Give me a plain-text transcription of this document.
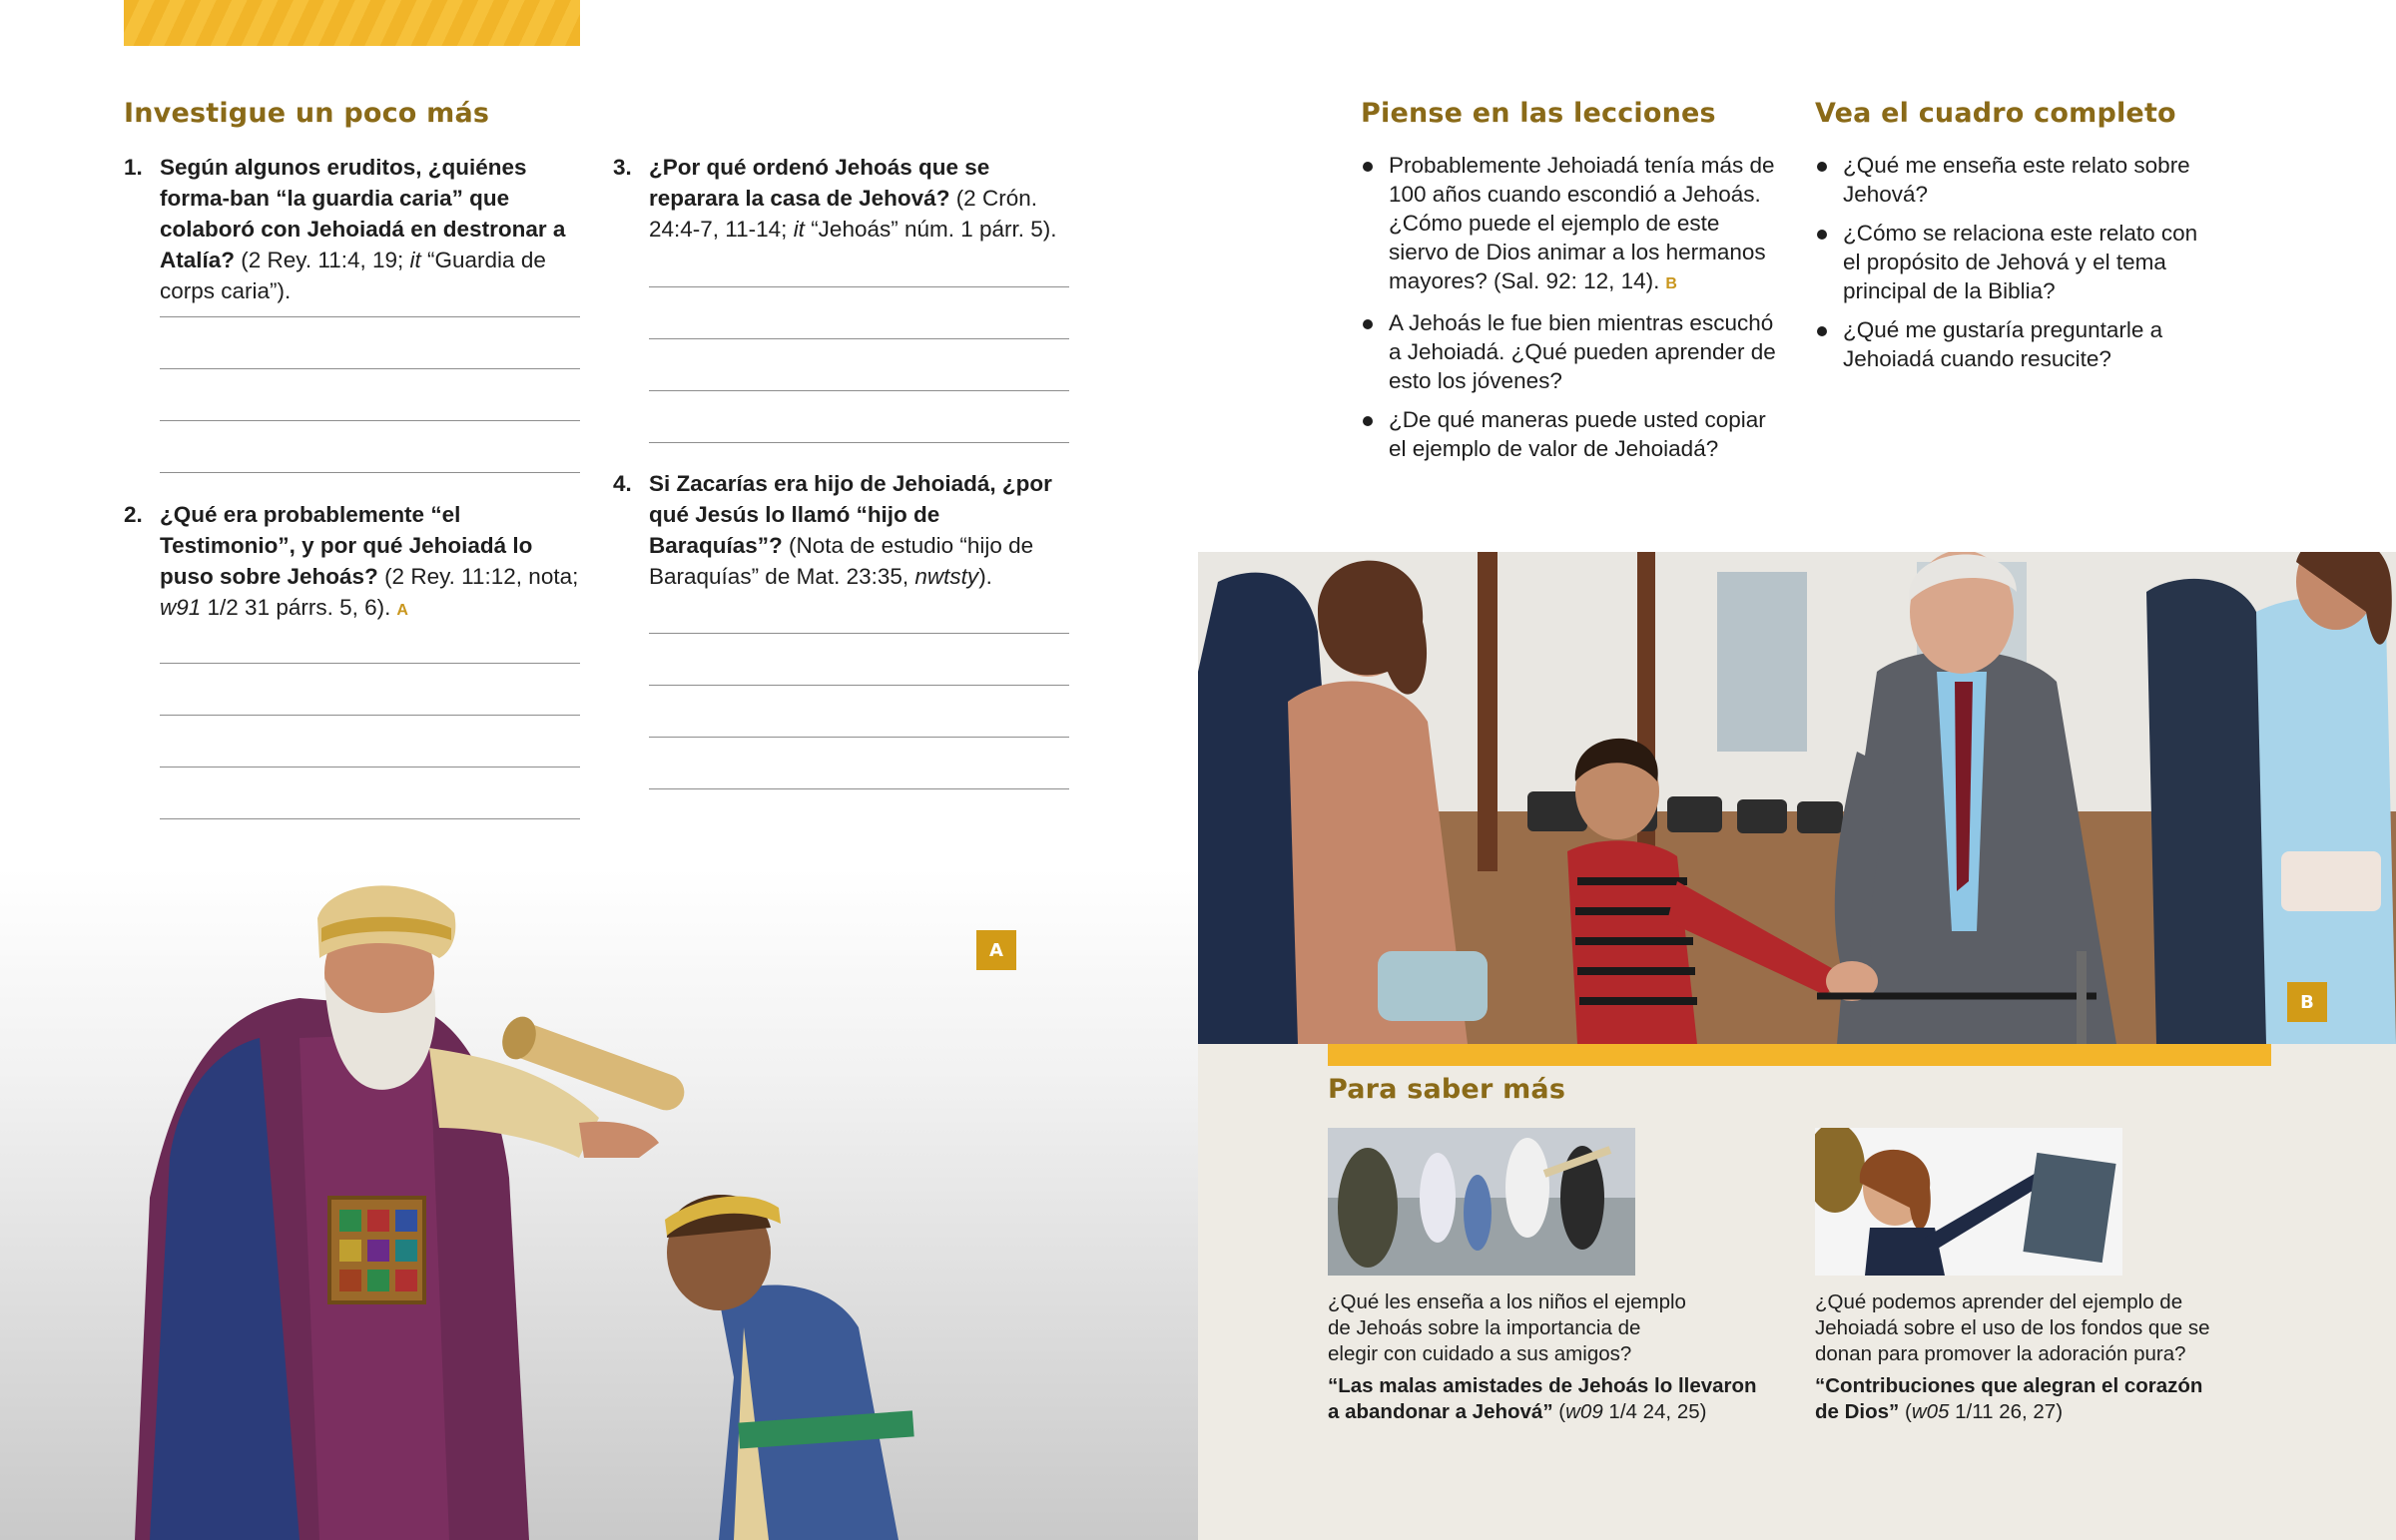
Investigue un poco más
1. Según algunos eruditos, ¿quiénes forma-ban “la guardia caria” que colaboró con Jehoiadá en destronar a Atalía? (2 Rey. 11:4, 19; it “Guardia de corps caria”).
2. ¿Qué era probablemente “el Testimonio”, y por qué Jehoiadá lo puso sobre Jehoás? (2 Rey. 11:12, nota; w91 1/2 31 párrs. 5, 6). A
3. ¿Por qué ordenó Jehoás que se reparara la casa de Jehová? (2 Crón. 24:4-7, 11-14; it “Jehoás” núm. 1 párr. 5).
4. Si Zacarías era hijo de Jehoiadá, ¿por qué Jesús lo llamó “hijo de Baraquías”? (Nota de estudio “hijo de Baraquías” de Mat. 23:35, nwtsty).
A
Piense en las lecciones
Probablemente Jehoiadá tenía más de 100 años cuando escondió a Jehoás. ¿Cómo puede el ejemplo de este siervo de Dios animar a los hermanos mayores? (Sal. 92: 12, 14). B
A Jehoás le fue bien mientras escuchó a Jehoiadá. ¿Qué pueden aprender de esto los jóvenes?
¿De qué maneras puede usted copiar el ejemplo de valor de Jehoiadá?
Vea el cuadro completo
¿Qué me enseña este relato sobre Jehová?
¿Cómo se relaciona este relato con el propósito de Jehová y el tema principal de la Biblia?
¿Qué me gustaría preguntarle a Jehoiadá cuando resucite?
B
Para saber más
¿Qué les enseña a los niños el ejemplo de Jehoás sobre la importancia de elegir con cuidado a sus amigos?
“Las malas amistades de Jehoás lo llevaron a abandonar a Jehová” (w09 1/4 24, 25)
¿Qué podemos aprender del ejemplo de Jehoiadá sobre el uso de los fondos que se donan para promover la adoración pura?
“Contribuciones que alegran el corazón de Dios” (w05 1/11 26, 27)
